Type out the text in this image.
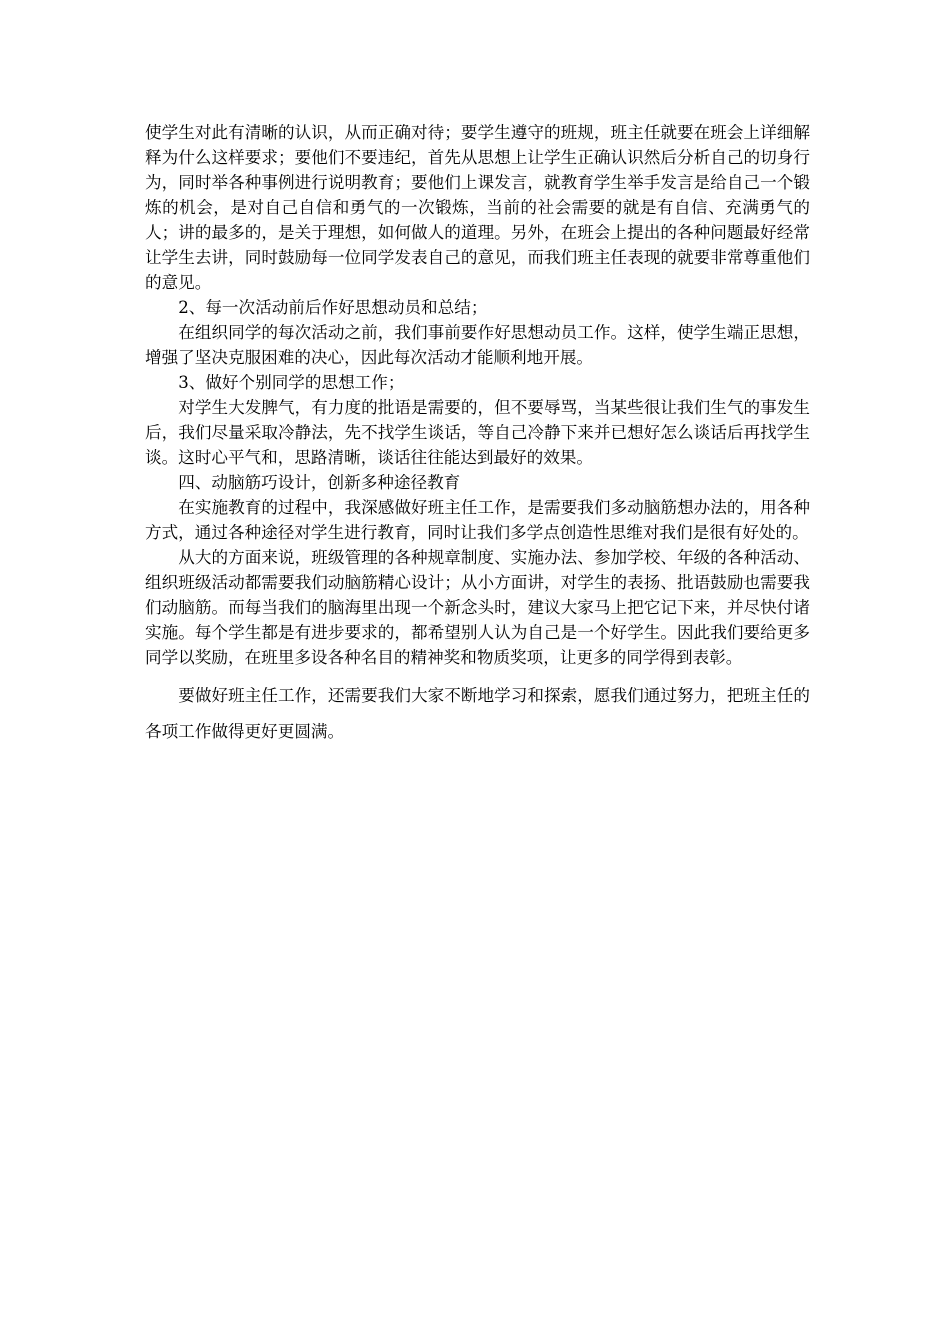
使学生对此有清晰的认识，从而正确对待；要学生遵守的班规，班主任就要在班会上详细解释为什么这样要求；要他们不要违纪，首先从思想上让学生正确认识然后分析自己的切身行为，同时举各种事例进行说明教育；要他们上课发言，就教育学生举手发言是给自己一个锻炼的机会，是对自己自信和勇气的一次锻炼，当前的社会需要的就是有自信、充满勇气的人；讲的最多的，是关于理想，如何做人的道理。另外，在班会上提出的各种问题最好经常让学生去讲，同时鼓励每一位同学发表自己的意见，而我们班主任表现的就要非常尊重他们的意见。

2、每一次活动前后作好思想动员和总结；

在组织同学的每次活动之前，我们事前要作好思想动员工作。这样，使学生端正思想，增强了坚决克服困难的决心，因此每次活动才能顺利地开展。

3、做好个别同学的思想工作；

对学生大发脾气，有力度的批语是需要的，但不要辱骂，当某些很让我们生气的事发生后，我们尽量采取冷静法，先不找学生谈话，等自己冷静下来并已想好怎么谈话后再找学生谈。这时心平气和，思路清晰，谈话往往能达到最好的效果。

四、动脑筋巧设计，创新多种途径教育

在实施教育的过程中，我深感做好班主任工作，是需要我们多动脑筋想办法的，用各种方式，通过各种途径对学生进行教育，同时让我们多学点创造性思维对我们是很有好处的。

从大的方面来说，班级管理的各种规章制度、实施办法、参加学校、年级的各种活动、组织班级活动都需要我们动脑筋精心设计；从小方面讲，对学生的表扬、批语鼓励也需要我们动脑筋。而每当我们的脑海里出现一个新念头时，建议大家马上把它记下来，并尽快付诸实施。每个学生都是有进步要求的，都希望别人认为自己是一个好学生。因此我们要给更多同学以奖励，在班里多设各种名目的精神奖和物质奖项，让更多的同学得到表彰。

要做好班主任工作，还需要我们大家不断地学习和探索，愿我们通过努力，把班主任的各项工作做得更好更圆满。
